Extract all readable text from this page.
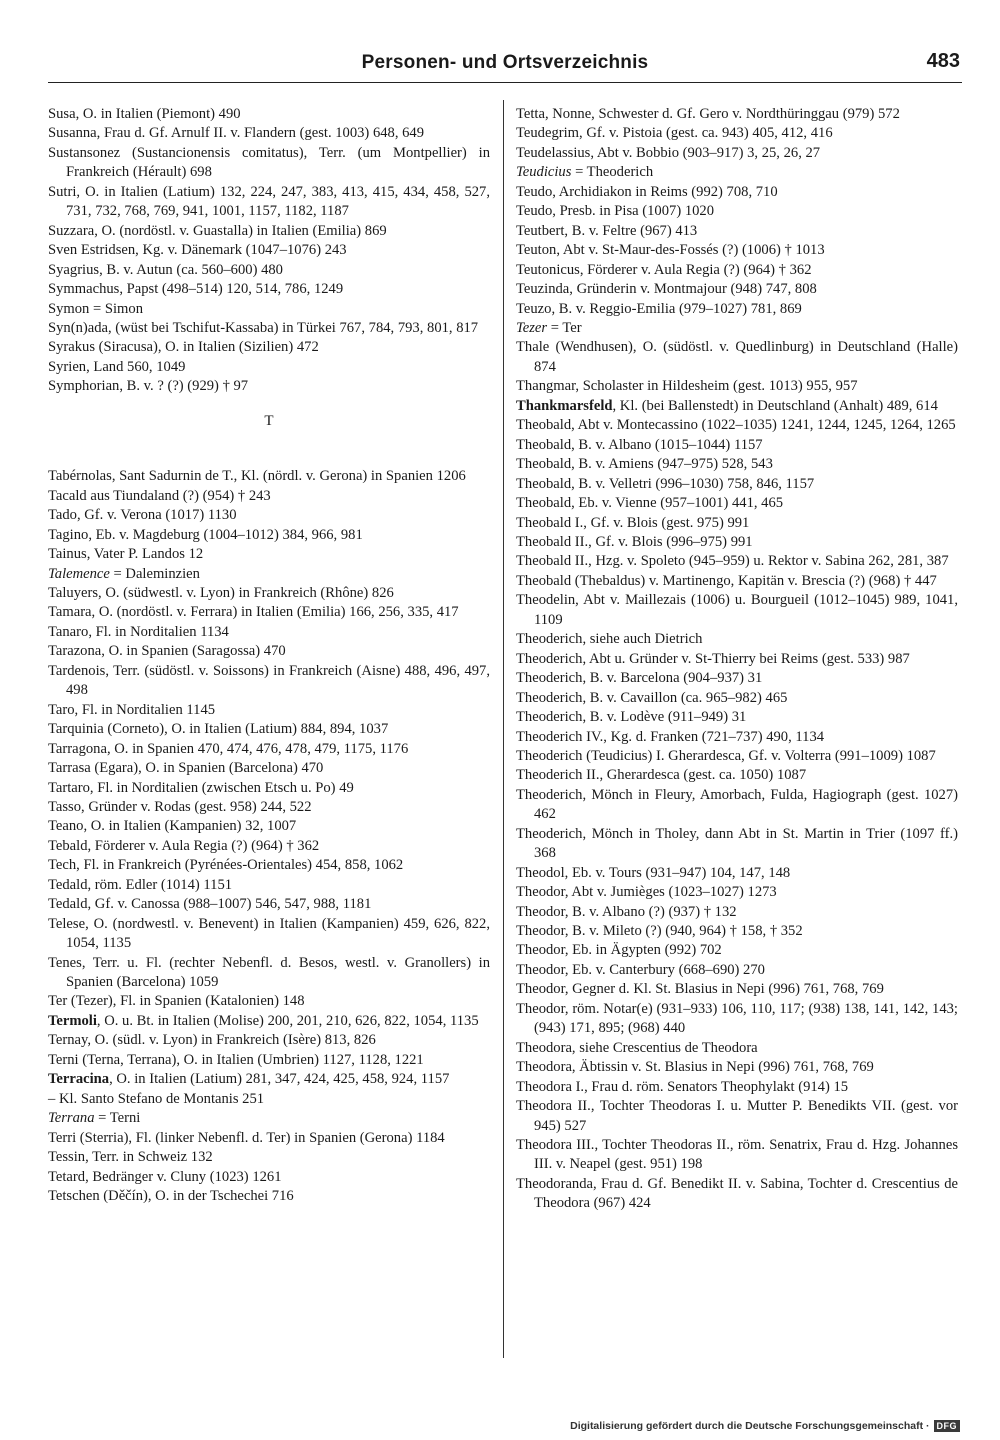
Personen- und Ortsverzeichnis	483

Susa, O. in Italien (Piemont) 490

Susanna, Frau d. Gf. Arnulf II. v. Flandern (gest. 1003) 648, 649

Sustansonez (Sustancionensis comitatus), Terr. (um Montpellier) in Frankreich (Hérault) 698

Sutri, O. in Italien (Latium) 132, 224, 247, 383, 413, 415, 434, 458, 527, 731, 732, 768, 769, 941, 1001, 1157, 1182, 1187

Suzzara, O. (nordöstl. v. Guastalla) in Italien (Emilia) 869

Sven Estridsen, Kg. v. Dänemark (1047–1076) 243

Syagrius, B. v. Autun (ca. 560–600) 480

Symmachus, Papst (498–514) 120, 514, 786, 1249

Symon = Simon

Syn(n)ada, (wüst bei Tschifut-Kassaba) in Türkei 767, 784, 793, 801, 817

Syrakus (Siracusa), O. in Italien (Sizilien) 472

Syrien, Land 560, 1049

Symphorian, B. v. ? (?) (929) † 97

T

Tabérnolas, Sant Sadurnin de T., Kl. (nördl. v. Gerona) in Spanien 1206

Tacald aus Tiundaland (?) (954) † 243

Tado, Gf. v. Verona (1017) 1130

Tagino, Eb. v. Magdeburg (1004–1012) 384, 966, 981

Tainus, Vater P. Landos 12

Talemence = Daleminzien

Taluyers, O. (südwestl. v. Lyon) in Frankreich (Rhône) 826

Tamara, O. (nordöstl. v. Ferrara) in Italien (Emilia) 166, 256, 335, 417

Tanaro, Fl. in Norditalien 1134

Tarazona, O. in Spanien (Saragossa) 470

Tardenois, Terr. (südöstl. v. Soissons) in Frankreich (Aisne) 488, 496, 497, 498

Taro, Fl. in Norditalien 1145

Tarquinia (Corneto), O. in Italien (Latium) 884, 894, 1037

Tarragona, O. in Spanien 470, 474, 476, 478, 479, 1175, 1176

Tarrasa (Egara), O. in Spanien (Barcelona) 470

Tartaro, Fl. in Norditalien (zwischen Etsch u. Po) 49

Tasso, Gründer v. Rodas (gest. 958) 244, 522

Teano, O. in Italien (Kampanien) 32, 1007

Tebald, Förderer v. Aula Regia (?) (964) † 362

Tech, Fl. in Frankreich (Pyrénées-Orientales) 454, 858, 1062

Tedald, röm. Edler (1014) 1151

Tedald, Gf. v. Canossa (988–1007) 546, 547, 988, 1181

Telese, O. (nordwestl. v. Benevent) in Italien (Kampanien) 459, 626, 822, 1054, 1135

Tenes, Terr. u. Fl. (rechter Nebenfl. d. Besos, westl. v. Granollers) in Spanien (Barcelona) 1059

Ter (Tezer), Fl. in Spanien (Katalonien) 148

Termoli, O. u. Bt. in Italien (Molise) 200, 201, 210, 626, 822, 1054, 1135

Ternay, O. (südl. v. Lyon) in Frankreich (Isère) 813, 826

Terni (Terna, Terrana), O. in Italien (Umbrien) 1127, 1128, 1221

Terracina, O. in Italien (Latium) 281, 347, 424, 425, 458, 924, 1157

– Kl. Santo Stefano de Montanis 251

Terrana = Terni

Terri (Sterria), Fl. (linker Nebenfl. d. Ter) in Spanien (Gerona) 1184

Tessin, Terr. in Schweiz 132

Tetard, Bedränger v. Cluny (1023) 1261

Tetschen (Děčín), O. in der Tschechei 716

Tetta, Nonne, Schwester d. Gf. Gero v. Nordthüringgau (979) 572

Teudegrim, Gf. v. Pistoia (gest. ca. 943) 405, 412, 416

Teudelassius, Abt v. Bobbio (903–917) 3, 25, 26, 27

Teudicius = Theoderich

Teudo, Archidiakon in Reims (992) 708, 710

Teudo, Presb. in Pisa (1007) 1020

Teutbert, B. v. Feltre (967) 413

Teuton, Abt v. St-Maur-des-Fossés (?) (1006) † 1013

Teutonicus, Förderer v. Aula Regia (?) (964) † 362

Teuzinda, Gründerin v. Montmajour (948) 747, 808

Teuzo, B. v. Reggio-Emilia (979–1027) 781, 869

Tezer = Ter

Thale (Wendhusen), O. (südöstl. v. Quedlinburg) in Deutschland (Halle) 874

Thangmar, Scholaster in Hildesheim (gest. 1013) 955, 957

Thankmarsfeld, Kl. (bei Ballenstedt) in Deutschland (Anhalt) 489, 614

Theobald, Abt v. Montecassino (1022–1035) 1241, 1244, 1245, 1264, 1265

Theobald, B. v. Albano (1015–1044) 1157

Theobald, B. v. Amiens (947–975) 528, 543

Theobald, B. v. Velletri (996–1030) 758, 846, 1157

Theobald, Eb. v. Vienne (957–1001) 441, 465

Theobald I., Gf. v. Blois (gest. 975) 991

Theobald II., Gf. v. Blois (996–975) 991

Theobald II., Hzg. v. Spoleto (945–959) u. Rektor v. Sabina 262, 281, 387

Theobald (Thebaldus) v. Martinengo, Kapitän v. Brescia (?) (968) † 447

Theodelin, Abt v. Maillezais (1006) u. Bourgueil (1012–1045) 989, 1041, 1109

Theoderich, siehe auch Dietrich

Theoderich, Abt u. Gründer v. St-Thierry bei Reims (gest. 533) 987

Theoderich, B. v. Barcelona (904–937) 31

Theoderich, B. v. Cavaillon (ca. 965–982) 465

Theoderich, B. v. Lodève (911–949) 31

Theoderich IV., Kg. d. Franken (721–737) 490, 1134

Theoderich (Teudicius) I. Gherardesca, Gf. v. Volterra (991–1009) 1087

Theoderich II., Gherardesca (gest. ca. 1050) 1087

Theoderich, Mönch in Fleury, Amorbach, Fulda, Hagiograph (gest. 1027) 462

Theoderich, Mönch in Tholey, dann Abt in St. Martin in Trier (1097 ff.) 368

Theodol, Eb. v. Tours (931–947) 104, 147, 148

Theodor, Abt v. Jumièges (1023–1027) 1273

Theodor, B. v. Albano (?) (937) † 132

Theodor, B. v. Mileto (?) (940, 964) † 158, † 352

Theodor, Eb. in Ägypten (992) 702

Theodor, Eb. v. Canterbury (668–690) 270

Theodor, Gegner d. Kl. St. Blasius in Nepi (996) 761, 768, 769

Theodor, röm. Notar(e) (931–933) 106, 110, 117; (938) 138, 141, 142, 143; (943) 171, 895; (968) 440

Theodora, siehe Crescentius de Theodora

Theodora, Äbtissin v. St. Blasius in Nepi (996) 761, 768, 769

Theodora I., Frau d. röm. Senators Theophylakt (914) 15

Theodora II., Tochter Theodoras I. u. Mutter P. Benedikts VII. (gest. vor 945) 527

Theodora III., Tochter Theodoras II., röm. Senatrix, Frau d. Hzg. Johannes III. v. Neapel (gest. 951) 198

Theodoranda, Frau d. Gf. Benedikt II. v. Sabina, Tochter d. Crescentius de Theodora (967) 424

Digitalisierung gefördert durch die Deutsche Forschungsgemeinschaft · DFG
